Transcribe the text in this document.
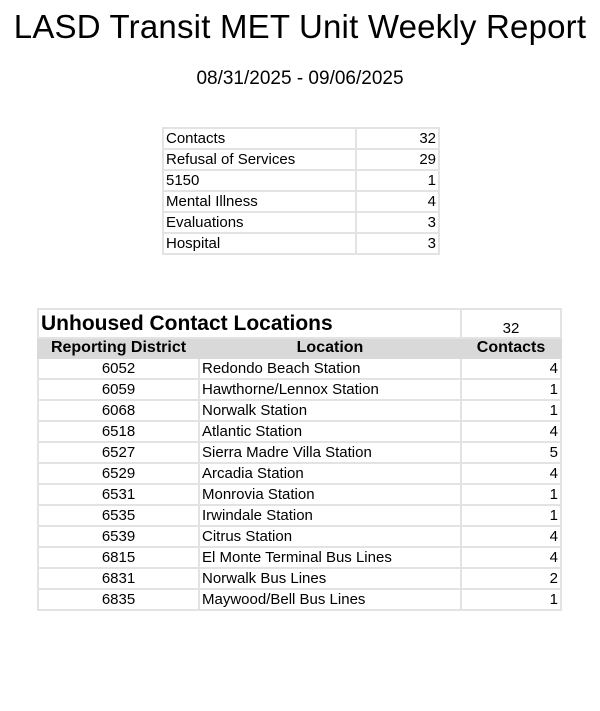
LASD Transit MET Unit Weekly Report
08/31/2025 - 09/06/2025
Contacts	32
Refusal of Services	29
5150	1
Mental Illness	4
Evaluations	3
Hospital	3
Unhoused Contact Locations		32
Reporting District	Location	Contacts
6052	Redondo Beach Station	4
6059	Hawthorne/Lennox Station	1
6068	Norwalk Station	1
6518	Atlantic Station	4
6527	Sierra Madre Villa Station	5
6529	Arcadia Station	4
6531	Monrovia Station	1
6535	Irwindale Station	1
6539	Citrus Station	4
6815	El Monte Terminal Bus Lines	4
6831	Norwalk Bus Lines	2
6835	Maywood/Bell Bus Lines	1
